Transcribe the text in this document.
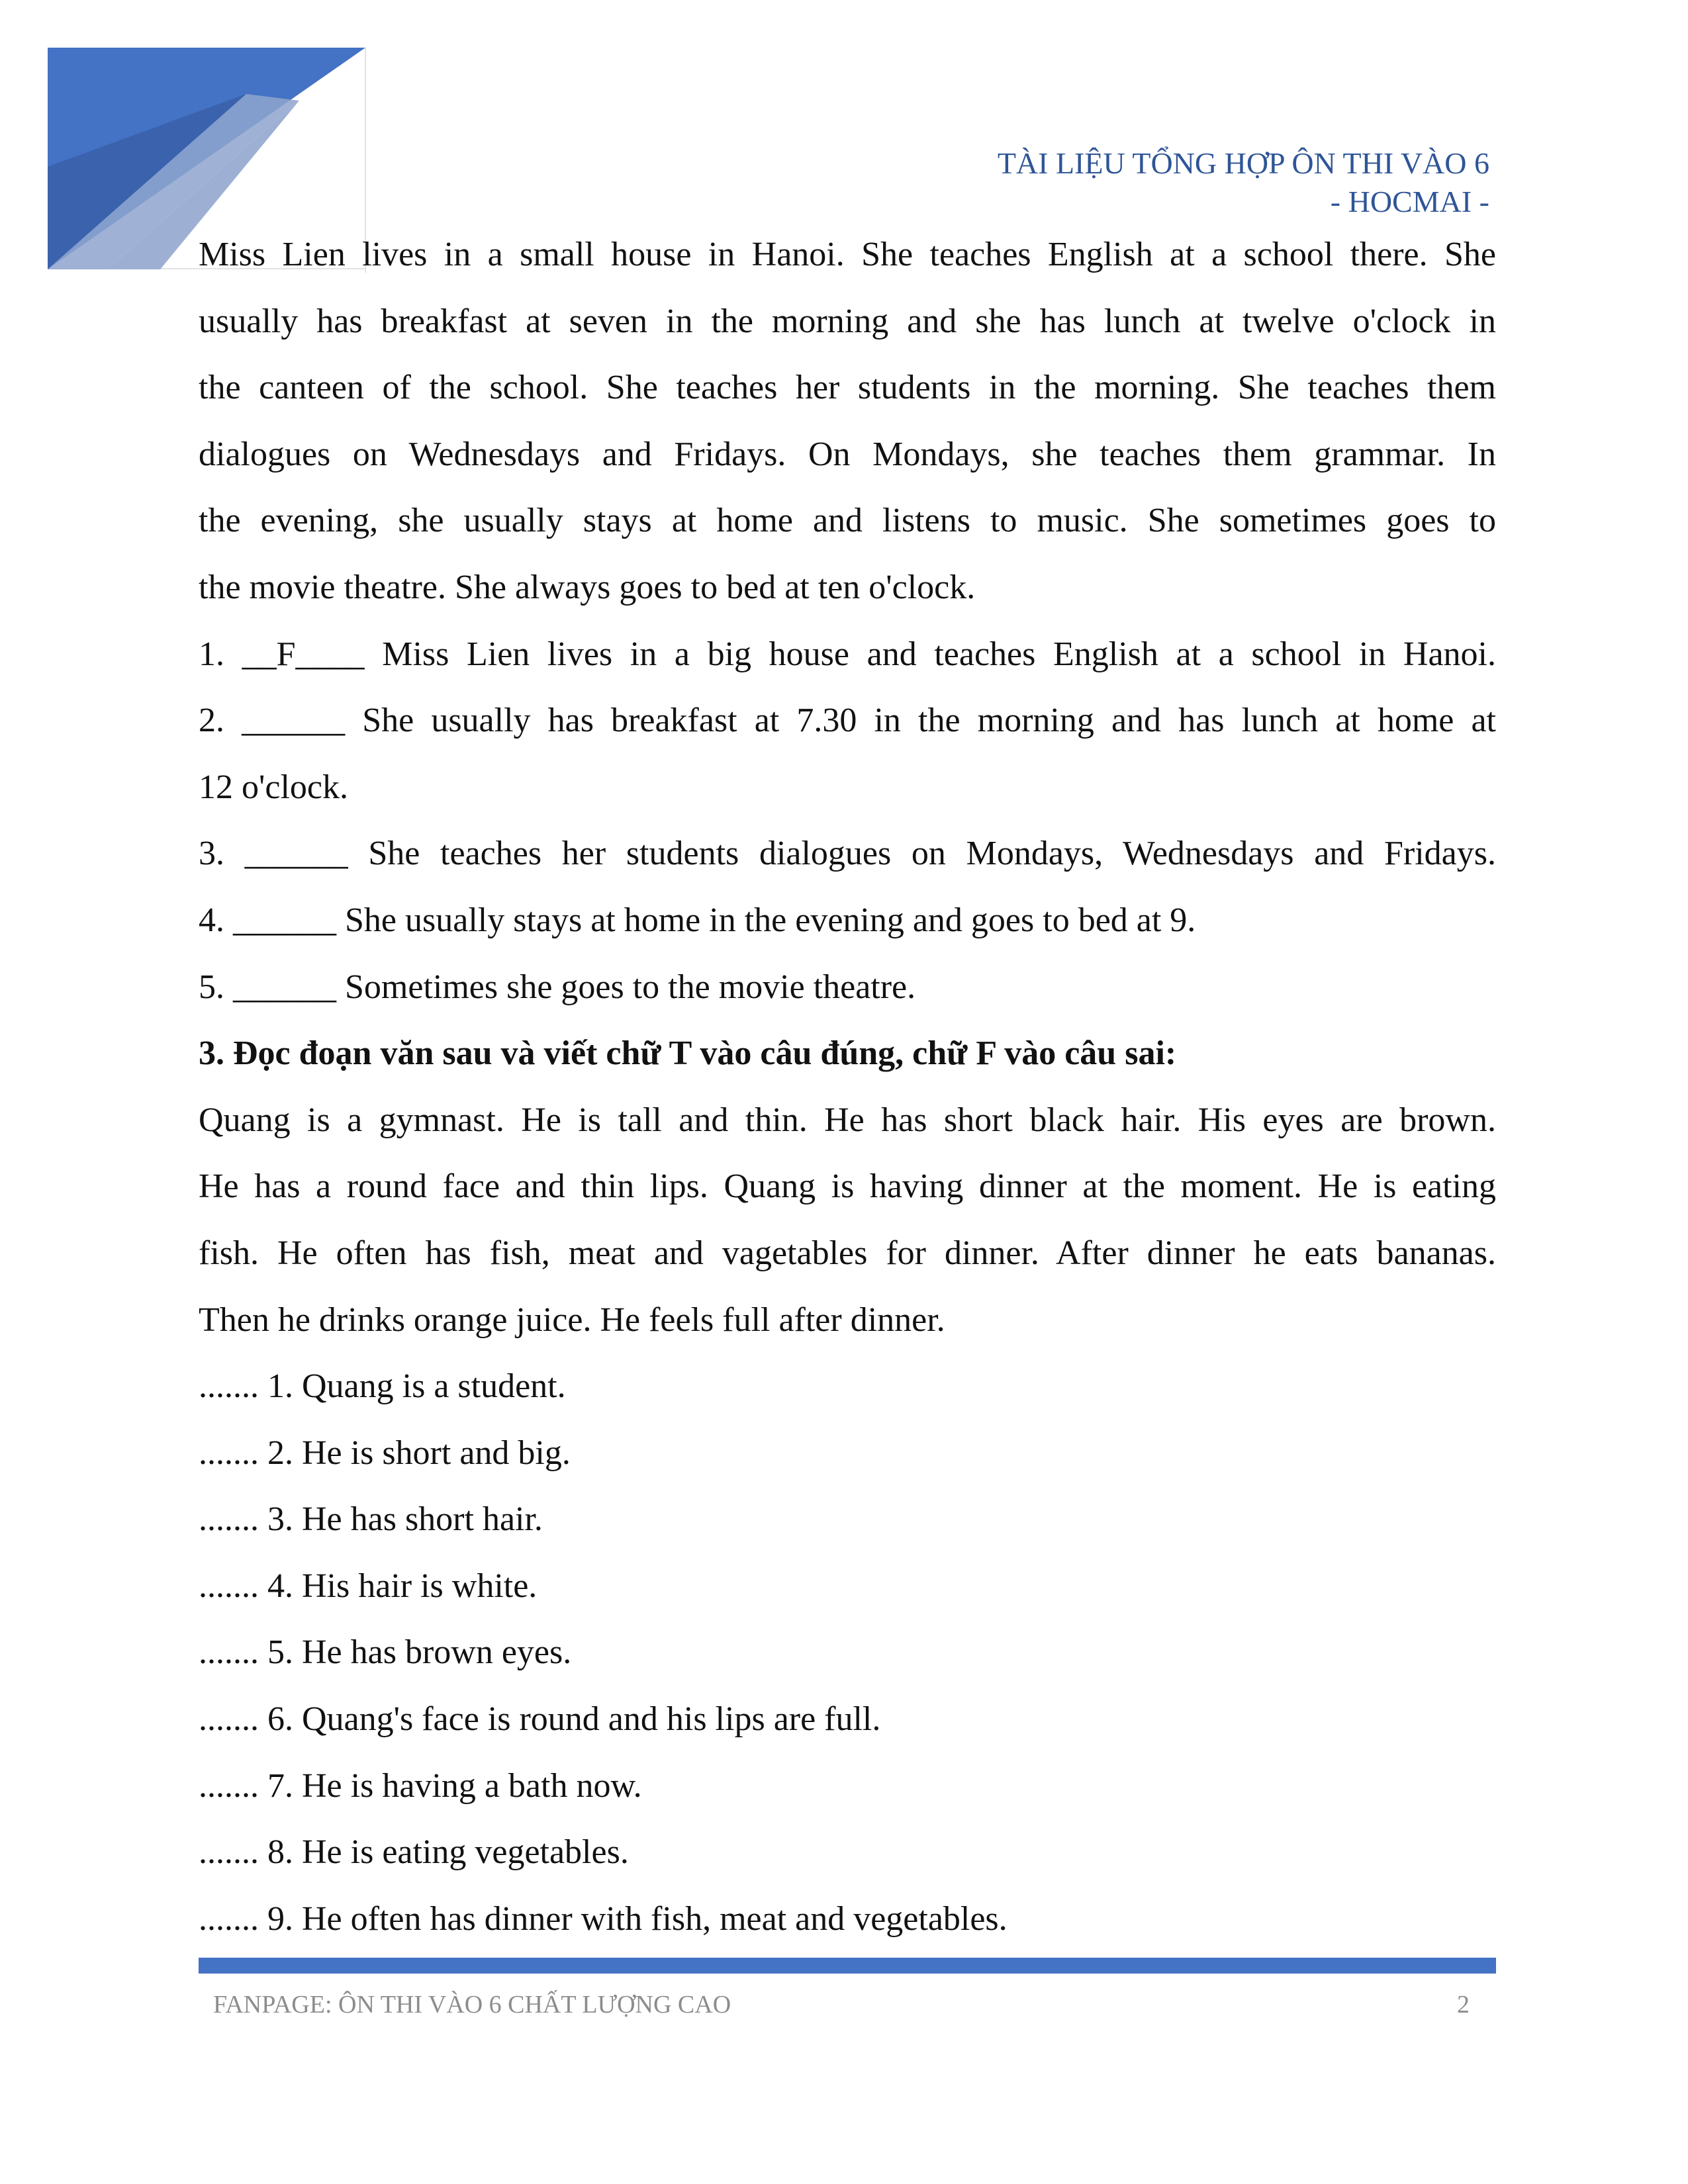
TÀI LIỆU TỔNG HỢP ÔN THI VÀO 6
- HOCMAI -
Miss Lien lives in a small house in Hanoi. She teaches English at a school there. She
usually has breakfast at seven in the morning and she has lunch at twelve o'clock in
the canteen of the school. She teaches her students in the morning. She teaches them
dialogues on Wednesdays and Fridays. On Mondays, she teaches them grammar. In
the evening, she usually stays at home and listens to music. She sometimes goes to
the movie theatre. She always goes to bed at ten o'clock.
1. __F____ Miss Lien lives in a big house and teaches English at a school in Hanoi.
2. ______ She usually has breakfast at 7.30 in the morning and has lunch at home at
12 o'clock.
3. ______ She teaches her students dialogues on Mondays, Wednesdays and Fridays.
4. ______ She usually stays at home in the evening and goes to bed at 9.
5. ______ Sometimes she goes to the movie theatre.
3. Đọc đoạn văn sau và viết chữ T vào câu đúng, chữ F vào câu sai:
Quang is a gymnast. He is tall and thin. He has short black hair. His eyes are brown.
He has a round face and thin lips. Quang is having dinner at the moment. He is eating
fish. He often has fish, meat and vagetables for dinner. After dinner he eats bananas.
Then he drinks orange juice. He feels full after dinner.
....... 1. Quang is a student.
....... 2. He is short and big.
....... 3. He has short hair.
....... 4. His hair is white.
....... 5. He has brown eyes.
....... 6. Quang's face is round and his lips are full.
....... 7. He is having a bath now.
....... 8. He is eating vegetables.
....... 9. He often has dinner with fish, meat and vegetables.
FANPAGE: ÔN THI VÀO 6 CHẤT LƯỢNG CAO	2
